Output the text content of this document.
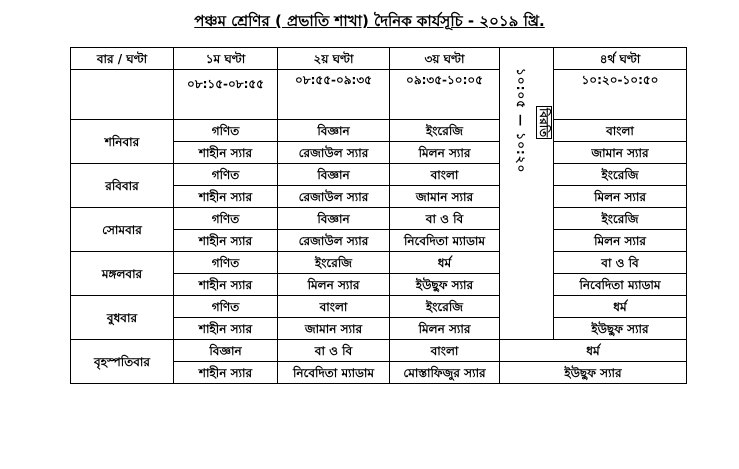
পঞ্চম শ্রেণির ( প্রভাতি শাখা) দৈনিক কার্যসূচি - ২০১৯ খ্রি.
বার / ঘণ্টা	১ম ঘণ্টা	২য় ঘণ্টা	৩য় ঘণ্টা	১০:০৫ — ১০:২০ বিরতি	৪র্থ ঘণ্টা
	০৮:১৫-০৮:৫৫	০৮:৫৫-০৯:৩৫	০৯:৩৫-১০:০৫		১০:২০-১০:৫০
শনিবার	গণিত	বিজ্ঞান	ইংরেজি		বাংলা
	শাহীন স্যার	রেজাউল স্যার	মিলন স্যার		জামান স্যার
রবিবার	গণিত	বিজ্ঞান	বাংলা		ইংরেজি
	শাহীন স্যার	রেজাউল স্যার	জামান স্যার		মিলন স্যার
সোমবার	গণিত	বিজ্ঞান	বা ও বি		ইংরেজি
	শাহীন স্যার	রেজাউল স্যার	নিবেদিতা ম্যাডাম		মিলন স্যার
মঙ্গলবার	গণিত	ইংরেজি	ধর্ম		বা ও বি
	শাহীন স্যার	মিলন স্যার	ইউছুফ স্যার		নিবেদিতা ম্যাডাম
বুধবার	গণিত	বাংলা	ইংরেজি		ধর্ম
	শাহীন স্যার	জামান স্যার	মিলন স্যার		ইউছুফ স্যার
বৃহস্পতিবার	বিজ্ঞান	বা ও বি	বাংলা	ধর্ম	
	শাহীন স্যার	নিবেদিতা ম্যাডাম	মোস্তাফিজুর স্যার	ইউছুফ স্যার	
